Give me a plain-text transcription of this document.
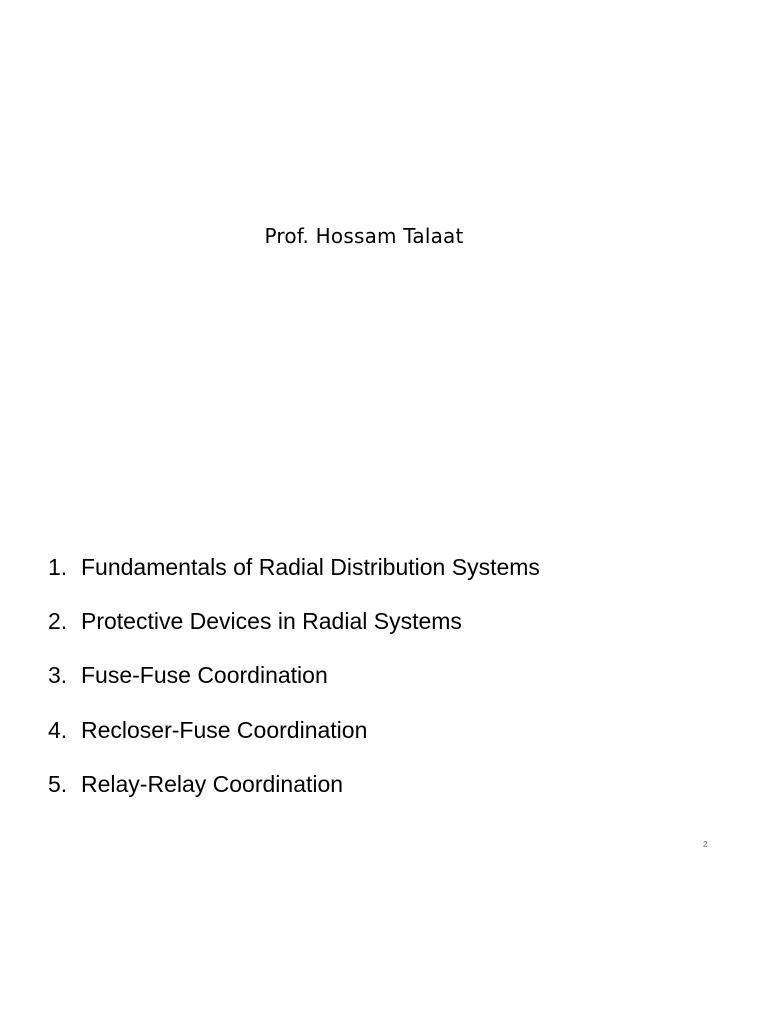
Prof. Hossam Talaat
1. Fundamentals of Radial Distribution Systems
2. Protective Devices in Radial Systems
3. Fuse-Fuse Coordination
4. Recloser-Fuse Coordination
5. Relay-Relay Coordination
2
